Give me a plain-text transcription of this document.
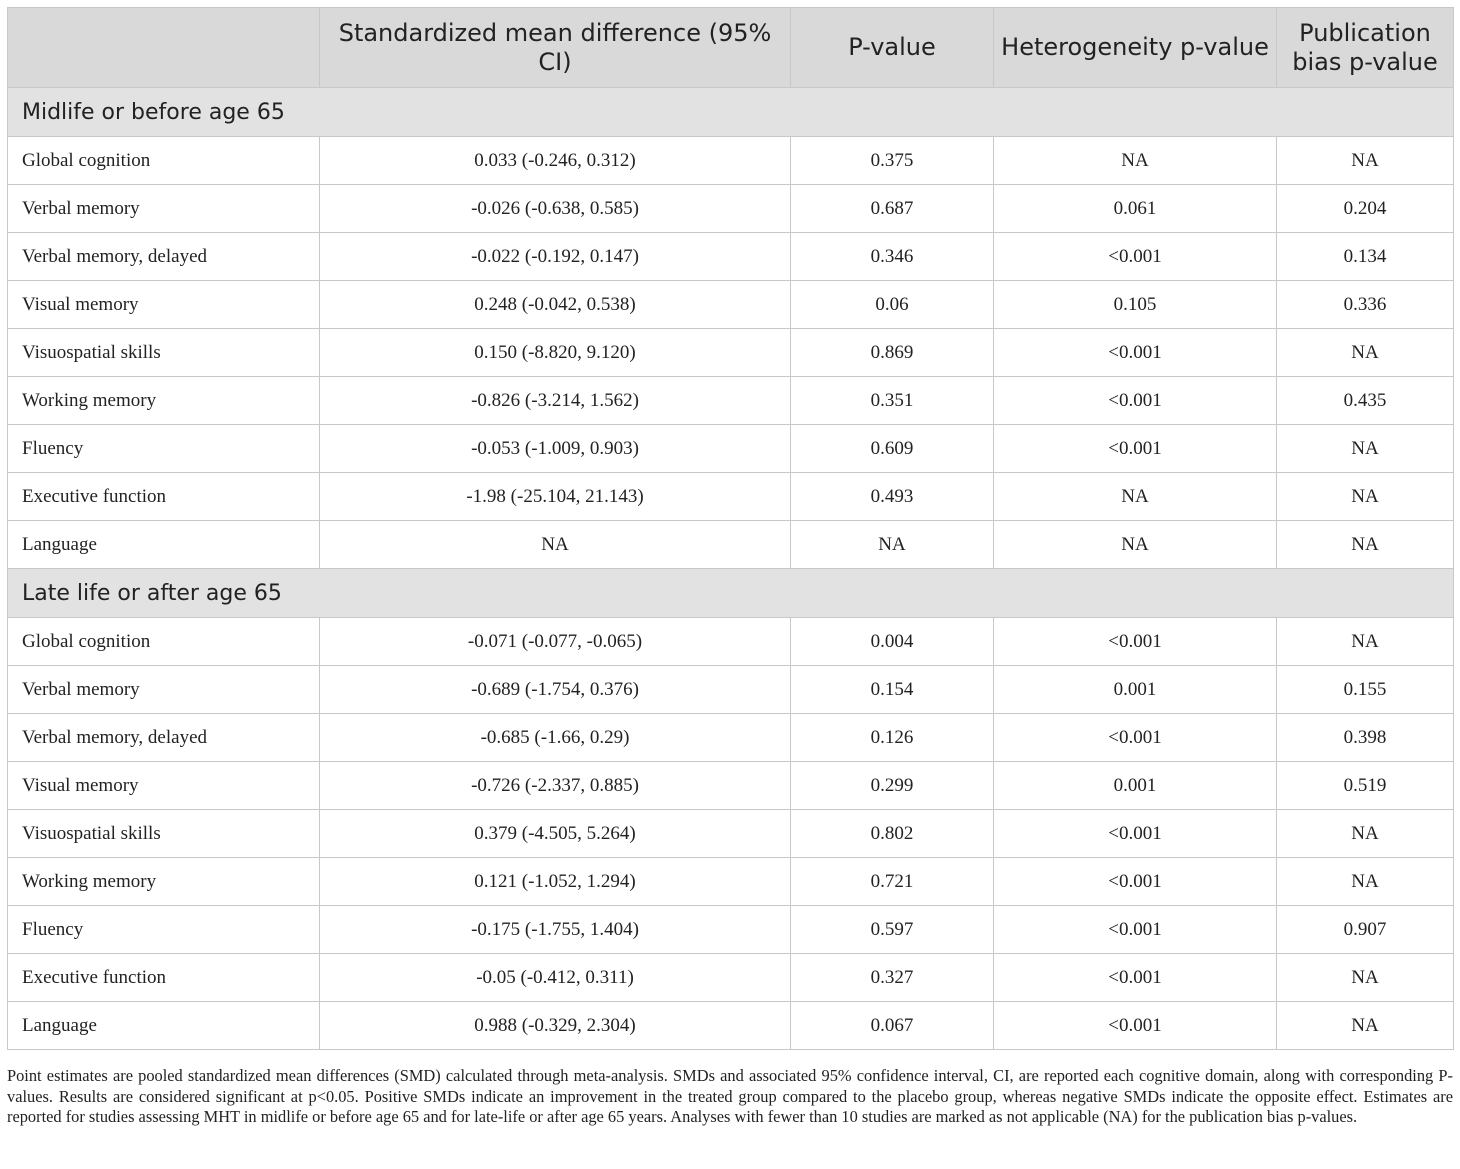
	Standardized mean difference (95% CI)	P-value	Heterogeneity p-value	Publication bias p-value
Midlife or before age 65				
Global cognition	0.033 (-0.246, 0.312)	0.375	NA	NA
Verbal memory	-0.026 (-0.638, 0.585)	0.687	0.061	0.204
Verbal memory, delayed	-0.022 (-0.192, 0.147)	0.346	<0.001	0.134
Visual memory	0.248 (-0.042, 0.538)	0.06	0.105	0.336
Visuospatial skills	0.150 (-8.820, 9.120)	0.869	<0.001	NA
Working memory	-0.826 (-3.214, 1.562)	0.351	<0.001	0.435
Fluency	-0.053 (-1.009, 0.903)	0.609	<0.001	NA
Executive function	-1.98 (-25.104, 21.143)	0.493	NA	NA
Language	NA	NA	NA	NA
Late life or after age 65				
Global cognition	-0.071 (-0.077, -0.065)	0.004	<0.001	NA
Verbal memory	-0.689 (-1.754, 0.376)	0.154	0.001	0.155
Verbal memory, delayed	-0.685 (-1.66, 0.29)	0.126	<0.001	0.398
Visual memory	-0.726 (-2.337, 0.885)	0.299	0.001	0.519
Visuospatial skills	0.379 (-4.505, 5.264)	0.802	<0.001	NA
Working memory	0.121 (-1.052, 1.294)	0.721	<0.001	NA
Fluency	-0.175 (-1.755, 1.404)	0.597	<0.001	0.907
Executive function	-0.05 (-0.412, 0.311)	0.327	<0.001	NA
Language	0.988 (-0.329, 2.304)	0.067	<0.001	NA
Point estimates are pooled standardized mean differences (SMD) calculated through meta-analysis. SMDs and associated 95% confidence interval, CI, are reported each cognitive domain, along with corresponding P-values. Results are considered significant at p<0.05. Positive SMDs indicate an improvement in the treated group compared to the placebo group, whereas negative SMDs indicate the opposite effect. Estimates are reported for studies assessing MHT in midlife or before age 65 and for late-life or after age 65 years. Analyses with fewer than 10 studies are marked as not applicable (NA) for the publication bias p-values.
